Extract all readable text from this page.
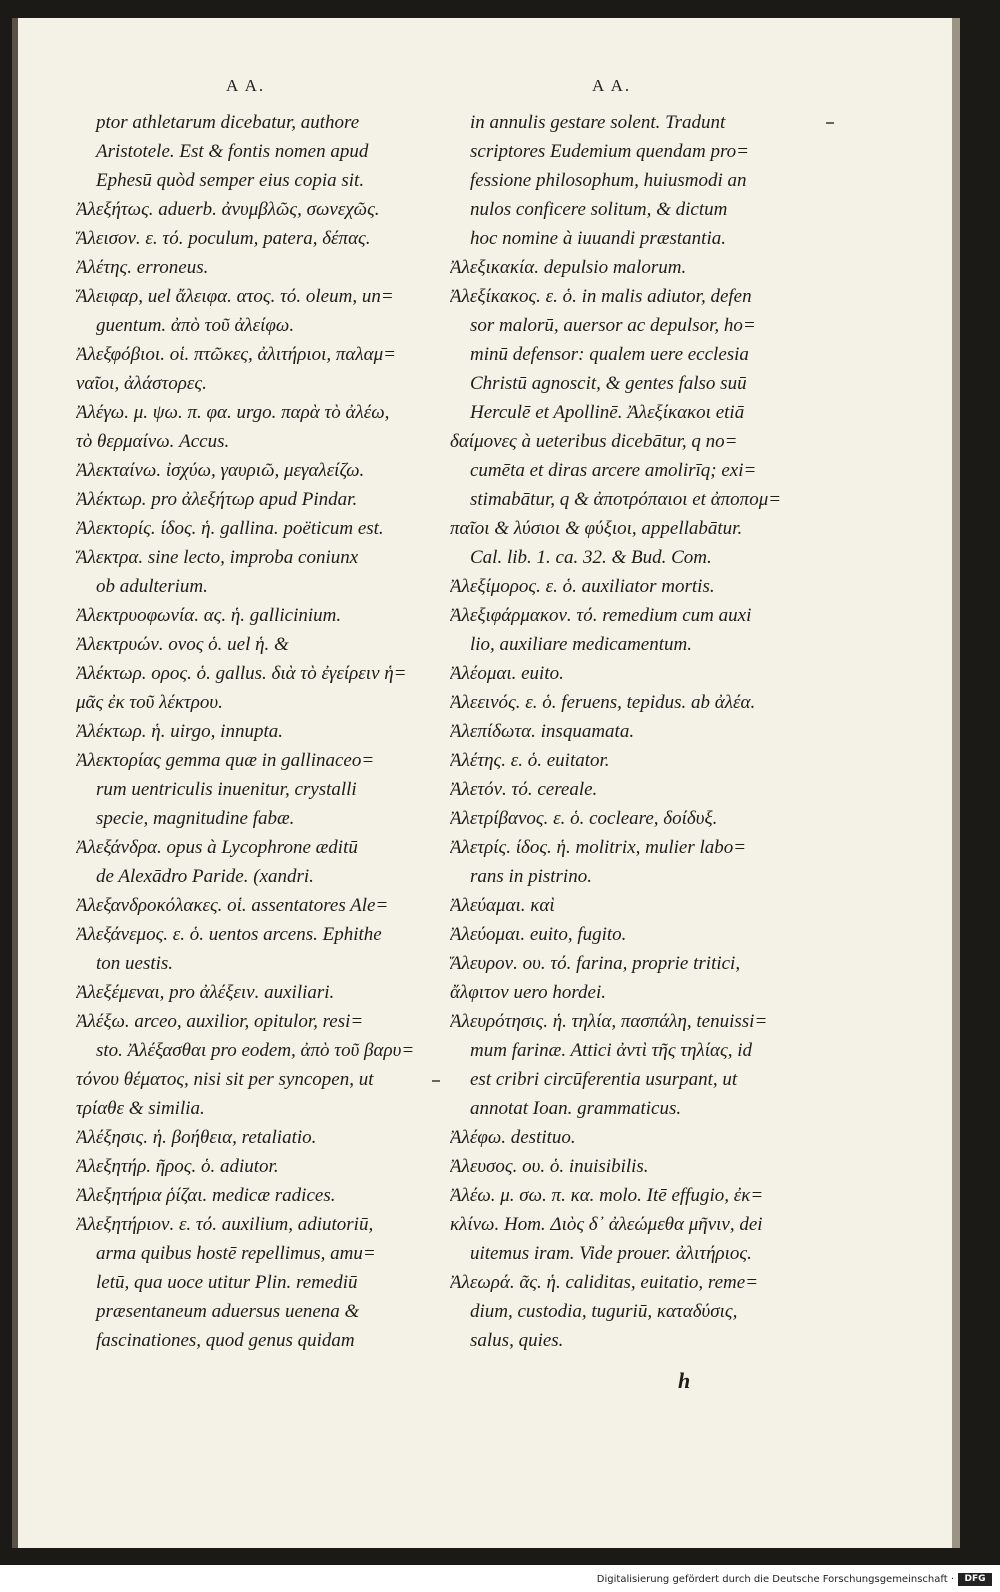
A A.	A A.
ptor athletarum dicebatur, authore
Aristotele. Est & fontis nomen apud
Ephesū quòd semper eius copia sit.
Ἀλεξήτως. aduerb. ἀνυμβλῶς, σωνεχῶς.
Ἄλεισον. ε. τό. poculum, patera, δέπας.
Ἀλέτης. erroneus.
Ἄλειφαρ, uel ἄλειφα. ατος. τό. oleum, un=
guentum. ἀπὸ τοῦ ἀλείφω.
Ἀλεξφόβιοι. οἱ. πτῶκες, ἀλιτήριοι, παλαμ=
ναῖοι, ἀλάστορες.
Ἀλέγω. μ. ψω. π. φα. urgo. παρὰ τὸ ἀλέω,
τὸ θερμαίνω. Accus.
Ἀλεκταίνω. ἰσχύω, γαυριῶ, μεγαλείζω.
Ἀλέκτωρ. pro ἀλεξήτωρ apud Pindar.
Ἀλεκτορίς. ίδος. ἡ. gallina. poëticum est.
Ἄλεκτρα. sine lecto, improba coniunx
ob adulterium.
Ἀλεκτρυοφωνία. ας. ἡ. gallicinium.
Ἀλεκτρυών. ονος ὁ. uel ἡ. &
Ἀλέκτωρ. ορος. ὁ. gallus. διὰ τὸ ἐγείρειν ἡ=
μᾶς ἐκ τοῦ λέκτρου.
Ἀλέκτωρ. ἡ. uirgo, innupta.
Ἀλεκτορίας gemma quæ in gallinaceo=
rum uentriculis inuenitur, crystalli
specie, magnitudine fabæ.
Ἀλεξάνδρα. opus à Lycophrone æditū
de Alexādro Paride. (xandri.
Ἀλεξανδροκόλακες. οἱ. assentatores Ale=
Ἀλεξάνεμος. ε. ὁ. uentos arcens. Ephithe
ton uestis.
Ἀλεξέμεναι, pro ἀλέξειν. auxiliari.
Ἀλέξω. arceo, auxilior, opitulor, resi=
sto. Ἀλέξασθαι pro eodem, ἀπὸ τοῦ βαρυ=
τόνου θέματος, nisi sit per syncopen, ut
τρίαθε & similia.
Ἀλέξησις. ἡ. βοήθεια, retaliatio.
Ἀλεξητήρ. ῆρος. ὁ. adiutor.
Ἀλεξητήρια ῥίζαι. medicæ radices.
Ἀλεξητήριον. ε. τό. auxilium, adiutoriū,
arma quibus hostē repellimus, amu=
letū, qua uoce utitur Plin. remediū
præsentaneum aduersus uenena &
fascinationes, quod genus quidam
in annulis gestare solent. Tradunt
scriptores Eudemium quendam pro=
fessione philosophum, huiusmodi an
nulos conficere solitum, & dictum
hoc nomine à iuuandi præstantia.
Ἀλεξικακία. depulsio malorum.
Ἀλεξίκακος. ε. ὁ. in malis adiutor, defen
sor malorū, auersor ac depulsor, ho=
minū defensor: qualem uere ecclesia
Christū agnoscit, & gentes falso suū
Herculē et Apollinē. Ἀλεξίκακοι etiā
δαίμονες à ueteribus dicebātur, q no=
cumēta et diras arcere amolirīq; exi=
stimabātur, q & ἀποτρόπαιοι et ἀποπομ=
παῖοι & λύσιοι & φύξιοι, appellabātur.
Cal. lib. 1. ca. 32. & Bud. Com.
Ἀλεξίμορος. ε. ὁ. auxiliator mortis.
Ἀλεξιφάρμακον. τό. remedium cum auxi
lio, auxiliare medicamentum.
Ἀλέομαι. euito.
Ἀλεεινός. ε. ὁ. feruens, tepidus. ab ἀλέα.
Ἀλεπίδωτα. insquamata.
Ἀλέτης. ε. ὁ. euitator.
Ἀλετόν. τό. cereale.
Ἀλετρίβανος. ε. ὁ. cocleare, δοίδυξ.
Ἀλετρίς. ίδος. ἡ. molitrix, mulier labo=
rans in pistrino.
Ἀλεύαμαι. καὶ
Ἀλεύομαι. euito, fugito.
Ἄλευρον. ου. τό. farina, proprie tritici,
ἄλφιτον uero hordei.
Ἀλευρότησις. ἡ. τηλία, πασπάλη, tenuissi=
mum farinæ. Attici ἀντὶ τῆς τηλίας, id
est cribri circūferentia usurpant, ut
annotat Ioan. grammaticus.
Ἀλέφω. destituo.
Ἀλευσος. ου. ὁ. inuisibilis.
Ἀλέω. μ. σω. π. κα. molo. Itē effugio, ἐκ=
κλίνω. Hom. Διὸς δ᾽ ἀλεώμεθα μῆνιν, dei
uitemus iram. Vide prouer. ἀλιτήριος.
Ἀλεωρά. ᾶς. ἡ. caliditas, euitatio, reme=
dium, custodia, tuguriū, καταδύσις,
salus, quies.
h
Digitalisierung gefördert durch die Deutsche Forschungsgemeinschaft ·	DFG
